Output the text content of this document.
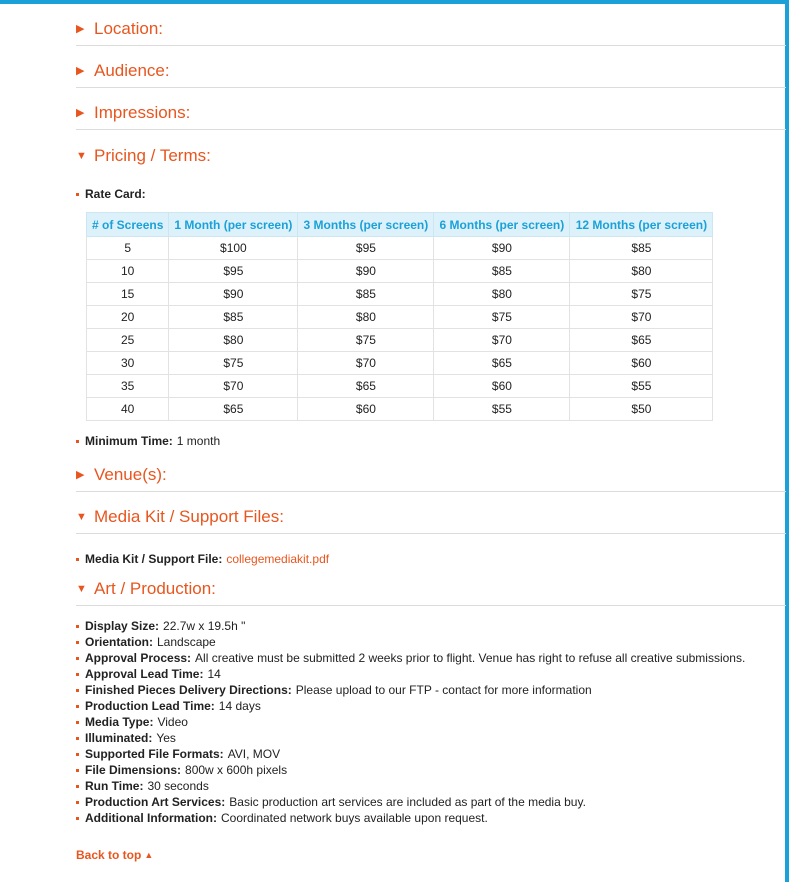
▶ Location:
▶ Audience:
▶ Impressions:
▼ Pricing / Terms:
Rate Card:
# of Screens	1 Month (per screen)	3 Months (per screen)	6 Months (per screen)	12 Months (per screen)
5	$100	$95	$90	$85
10	$95	$90	$85	$80
15	$90	$85	$80	$75
20	$85	$80	$75	$70
25	$80	$75	$70	$65
30	$75	$70	$65	$60
35	$70	$65	$60	$55
40	$65	$60	$55	$50
Minimum Time: 1 month
▶ Venue(s):
▼ Media Kit / Support Files:
Media Kit / Support File: collegemediakit.pdf
▼ Art / Production:
Display Size: 22.7w x 19.5h "
Orientation: Landscape
Approval Process: All creative must be submitted 2 weeks prior to flight. Venue has right to refuse all creative submissions.
Approval Lead Time: 14
Finished Pieces Delivery Directions: Please upload to our FTP - contact for more information
Production Lead Time: 14 days
Media Type: Video
Illuminated: Yes
Supported File Formats: AVI, MOV
File Dimensions: 800w x 600h pixels
Run Time: 30 seconds
Production Art Services: Basic production art services are included as part of the media buy.
Additional Information: Coordinated network buys available upon request.
Back to top ▲
